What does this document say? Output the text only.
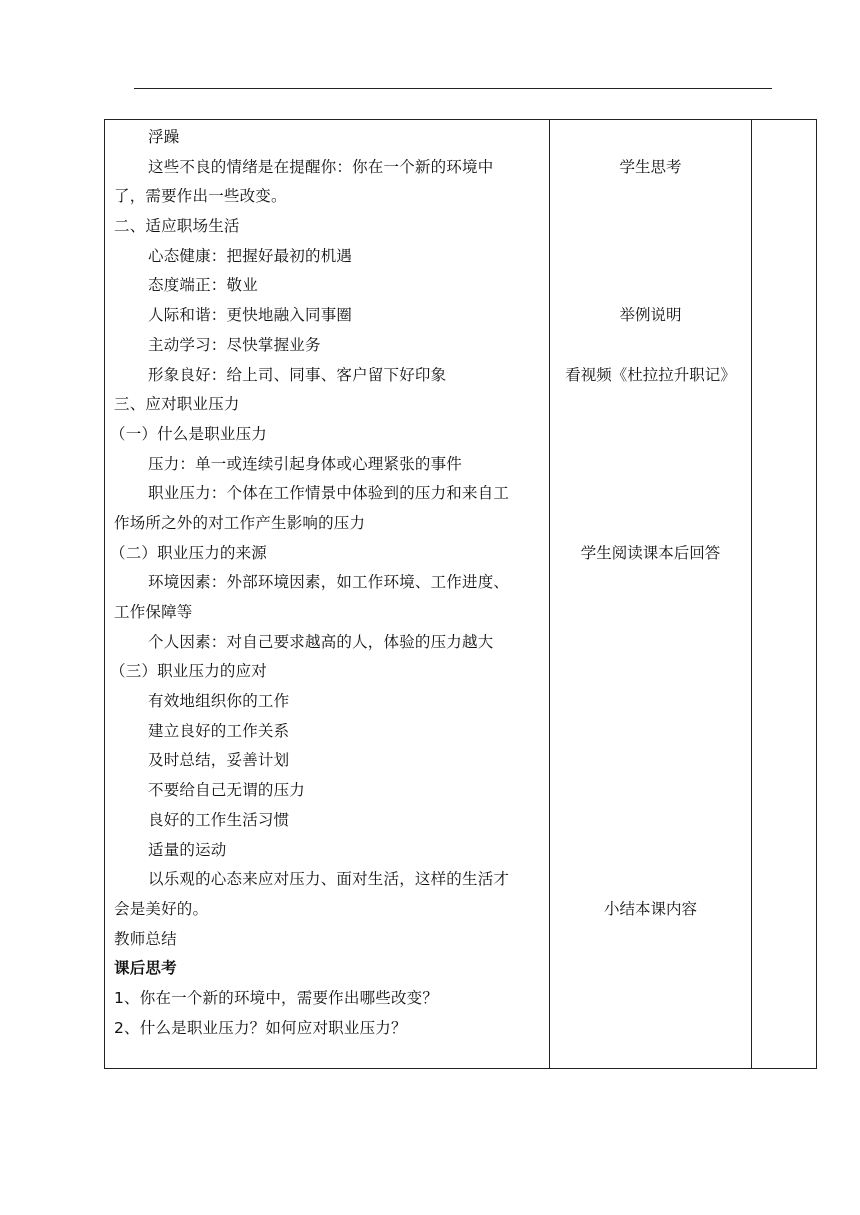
浮躁
这些不良的情绪是在提醒你：你在一个新的环境中
了，需要作出一些改变。
二、适应职场生活
心态健康：把握好最初的机遇
态度端正：敬业
人际和谐：更快地融入同事圈
主动学习：尽快掌握业务
形象良好：给上司、同事、客户留下好印象
三、应对职业压力
（一）什么是职业压力
压力：单一或连续引起身体或心理紧张的事件
职业压力：个体在工作情景中体验到的压力和来自工
作场所之外的对工作产生影响的压力
（二）职业压力的来源
环境因素：外部环境因素，如工作环境、工作进度、
工作保障等
个人因素：对自己要求越高的人，体验的压力越大
（三）职业压力的应对
有效地组织你的工作
建立良好的工作关系
及时总结，妥善计划
不要给自己无谓的压力
良好的工作生活习惯
适量的运动
以乐观的心态来应对压力、面对生活，这样的生活才
会是美好的。
教师总结
课后思考
1、你在一个新的环境中，需要作出哪些改变？
2、什么是职业压力？如何应对职业压力？
学生思考
举例说明
看视频《杜拉拉升职记》
学生阅读课本后回答
小结本课内容
